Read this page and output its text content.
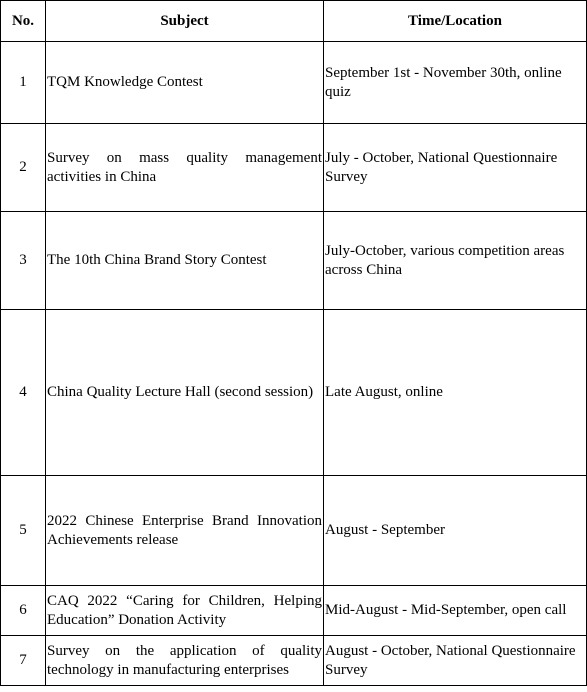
No.	Subject	Time/Location
1	TQM Knowledge Contest	September 1st - November 30th, online quiz

2	Survey on mass quality management activities in China	July - October, National Questionnaire Survey

3	The 10th China Brand Story Contest	July-October, various competition areas across China

4	China Quality Lecture Hall (second session)	Late August, online

5	2022 Chinese Enterprise Brand Innovation Achievements release	August - September

6	CAQ 2022 “Caring for Children, Helping Education” Donation Activity	Mid-August - Mid-September, open call

7	Survey on the application of quality technology in manufacturing enterprises	August - October, National Questionnaire Survey
